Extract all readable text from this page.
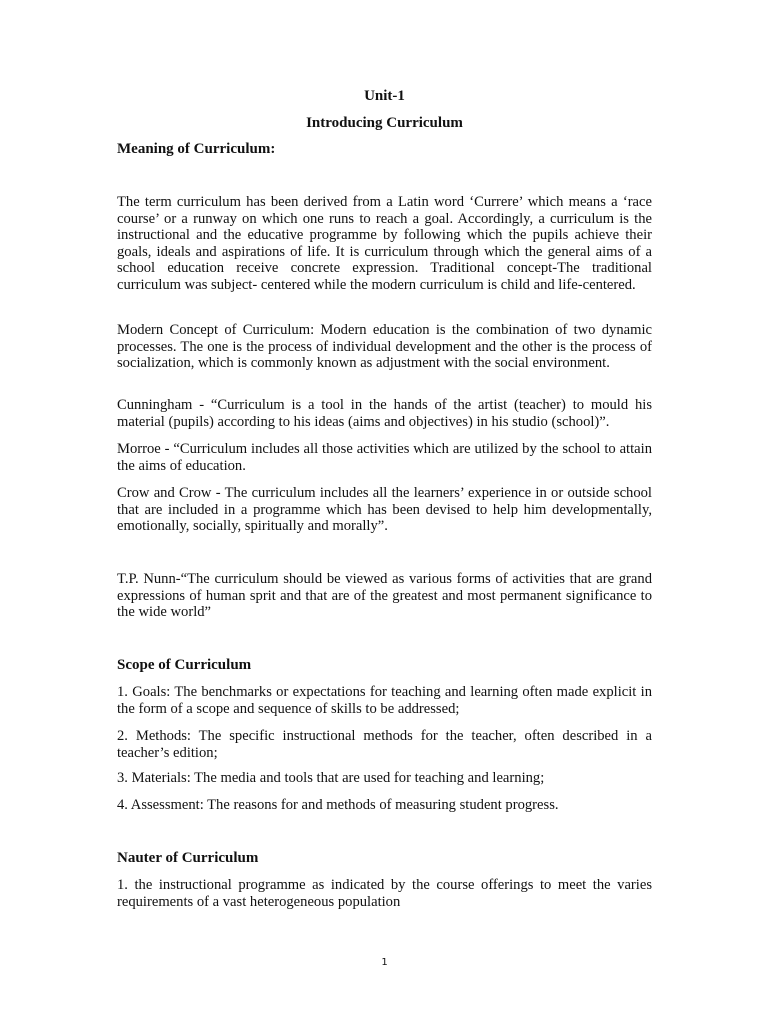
Unit-1
Introducing Curriculum
Meaning of Curriculum:

The term curriculum has been derived from a Latin word ‘Currere’ which means a ‘race course’ or a runway on which one runs to reach a goal. Accordingly, a curriculum is the instructional and the educative programme by following which the pupils achieve their goals, ideals and aspirations of life. It is curriculum through which the general aims of a school education receive concrete expression. Traditional concept-The traditional curriculum was subject- centered while the modern curriculum is child and life-centered.

Modern Concept of Curriculum: Modern education is the combination of two dynamic processes. The one is the process of individual development and the other is the process of socialization, which is commonly known as adjustment with the social environment.

Cunningham - “Curriculum is a tool in the hands of the artist (teacher) to mould his material (pupils) according to his ideas (aims and objectives) in his studio (school)”.

Morroe - “Curriculum includes all those activities which are utilized by the school to attain the aims of education.

Crow and Crow - The curriculum includes all the learners’ experience in or outside school that are included in a programme which has been devised to help him developmentally, emotionally, socially, spiritually and morally”.

T.P. Nunn-“The curriculum should be viewed as various forms of activities that are grand expressions of human sprit and that are of the greatest and most permanent significance to the wide world”

Scope of Curriculum

1. Goals: The benchmarks or expectations for teaching and learning often made explicit in the form of a scope and sequence of skills to be addressed;

2. Methods: The specific instructional methods for the teacher, often described in a teacher’s edition;

3. Materials: The media and tools that are used for teaching and learning;

4. Assessment: The reasons for and methods of measuring student progress.

Nauter of Curriculum

1. the instructional programme as indicated by the course offerings to meet the varies requirements of a vast heterogeneous population

1
